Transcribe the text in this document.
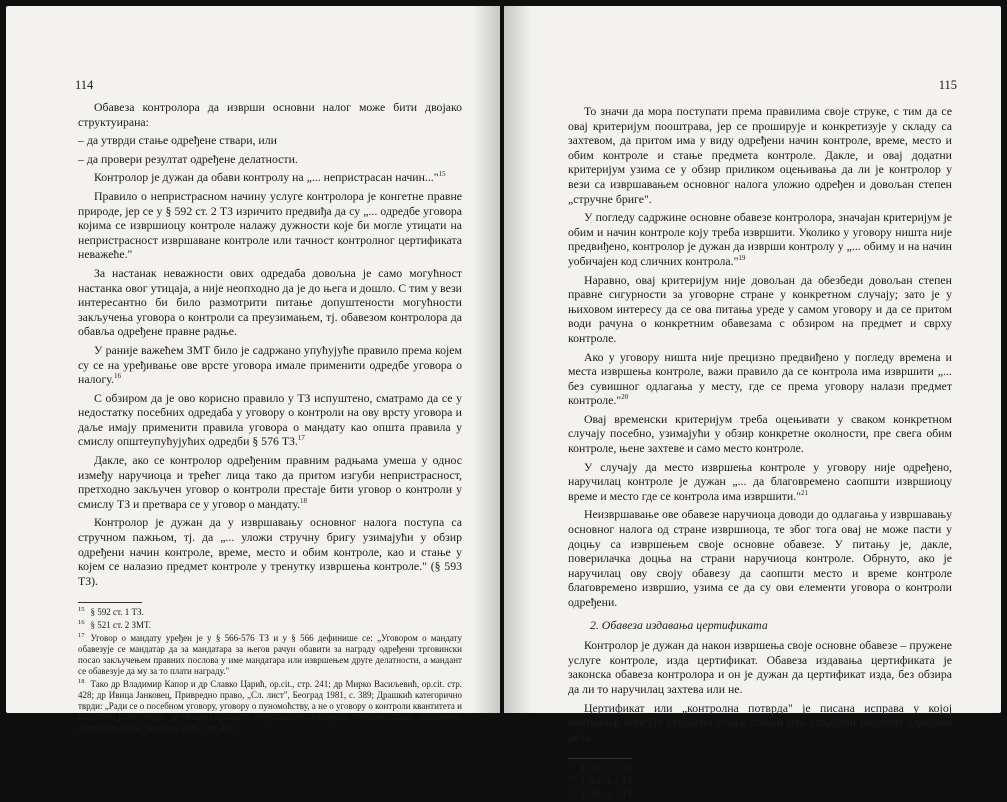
114

Обавеза контролора да изврши основни налог може бити двојако структуирана:

– да утврди стање одређене ствари, или

– да провери резултат одређене делатности.

Контролор је дужан да обави контролу на „... непристрасан начин..."$^{15}$

Правило о непристрасном начину услуге контролора је конгетне правне природе, јер се у § 592 ст. 2 ТЗ изричито предвиђа да су „... одредбе уговора којима се извршиоцу контроле налажу дужности које би могле утицати на непристрасност извршаване контроле или тачност контролног цертификата неважеће."

За настанак неважности ових одредаба довољна је само могућност настанка овог утицаја, а није неопходно да је до њега и дошло. С тим у вези интересантно би било размотрити питање допуштености могућности закључења уговора о контроли са преузимањем, тј. обавезом контролора да обавља одређене правне радње.

У раније важећем ЗМТ било је садржано упућујуће правило према којем су се на уређивање ове врсте уговора имале применити одредбе уговора о налогу.$^{16}$

С обзиром да је ово корисно правило у ТЗ испуштено, сматрамо да се у недостатку посебних одредаба у уговору о контроли на ову врсту уговора и даље имају применити правила уговора о мандату као општа правила у смислу општеупућујућих одредби § 576 ТЗ.$^{17}$

Дакле, ако се контролор одређеним правним радњама умеша у однос између наручиоца и трећег лица тако да притом изгуби непристрасност, претходно закључен уговор о контроли престаје бити уговор о контроли у смислу ТЗ и претвара се у уговор о мандату.$^{18}$

Контролор је дужан да у извршавању основног налога поступа са стручном пажњом, тј. да „... уложи стручну бригу узимајући у обзир одређени начин контроле, време, место и обим контроле, као и стање у којем се налазио предмет контроле у тренутку извршења контроле." (§ 593 ТЗ).

$^{15}$ § 592 ст. 1 ТЗ.
$^{16}$ § 521 ст. 2 ЗМТ.
$^{17}$ Уговор о мандату уређен је у § 566-576 ТЗ и у § 566 дефинише се: „Уговором о мандату обавезује се мандатар да за мандатара за његов рачун обавити за награду одређени трговински посао закључењем правних послова у име мандатара или извршењем друге делатности, а мандант се обавезује да му за то плати награду."
$^{18}$ Тако др Владимир Капор и др Славко Царић, op.cit., стр. 241; др Мирко Васиљевић, op.cit. стр. 428; др Ивица Јанковец, Привредно право, „Сл. лист", Београд 1981, с. 389; Драшкић категорично тврди: „Ради се о посебном уговору, уговору о пуномоћству, а не о уговору о контроли квантитета и квалитета робе." Види: др Младен Драшкић, Међународно привредно уговорно право, „Савремена администрација", Београд 1988, стр. 409.
115

То значи да мора поступати према правилима своје струке, с тим да се овај критеријум пооштрава, јер се проширује и конкретизује у складу са захтевом, да притом има у виду одређени начин контроле, време, место и обим контроле и стање предмета контроле. Дакле, и овај додатни критеријум узима се у обзир приликом оцењивања да ли је контролор у вези са извршавањем основног налога уложио одређен и довољан степен „стручне бриге".

У погледу садржине основне обавезе контролора, значајан критеријум је обим и начин контроле коју треба извршити. Уколико у уговору ништа није предвиђено, контролор је дужан да изврши контролу у „... обиму и на начин уобичајен код сличних контрола."$^{19}$

Наравно, овај критеријум није довољан да обезбеди довољан степен правне сигурности за уговорне стране у конкретном случају; зато је у њиховом интересу да се ова питања уреде у самом уговору и да се притом води рачуна о конкретним обавезама с обзиром на предмет и сврху контроле.

Ако у уговору ништа није прецизно предвиђено у погледу времена и места извршења контроле, важи правило да се контрола има извршити „... без сувишног одлагања у месту, где се према уговору налази предмет контроле."$^{20}$

Овај временски критеријум треба оцењивати у сваком конкретном случају посебно, узимајући у обзир конкретне околности, пре свега обим контроле, њене захтеве и само место контроле.

У случају да место извршења контроле у уговору није одређено, наручилац контроле је дужан „... да благовремено саопшти извршиоцу време и место где се контрола има извршити."$^{21}$

Неизвршавање ове обавезе наручиоца доводи до одлагања у извршавању основног налога од стране извршиоца, те због тога овај не може пасти у доцњу са извршењем своје основне обавезе. У питању је, дакле, поверилачка доцња на страни наручиоца контроле. Обрнуто, ако је наручилац ову своју обавезу да саопшти место и време контроле благовремено извршио, узима се да су ови елементи уговора о контроли одређени.

2. Обавеза издавања цертификата

Контролор је дужан да након извршења своје основне обавезе – пружене услуге контроле, изда цертификат. Обавеза издавања цертификата је законска обавеза контролора и он је дужан да цертификат изда, без обзира да ли то наручилац захтева или не.

Цертификат или „контролна потврда" је писана исправа у којој контролор описује утврђено стање ствари или утврђени резултат одређене дела-

$^{19}$ § 594 ст. 1 ТЗ.
$^{20}$ § 594 ст. 2 ТЗ.
$^{21}$ § 594 ст. 2 ТЗ.
